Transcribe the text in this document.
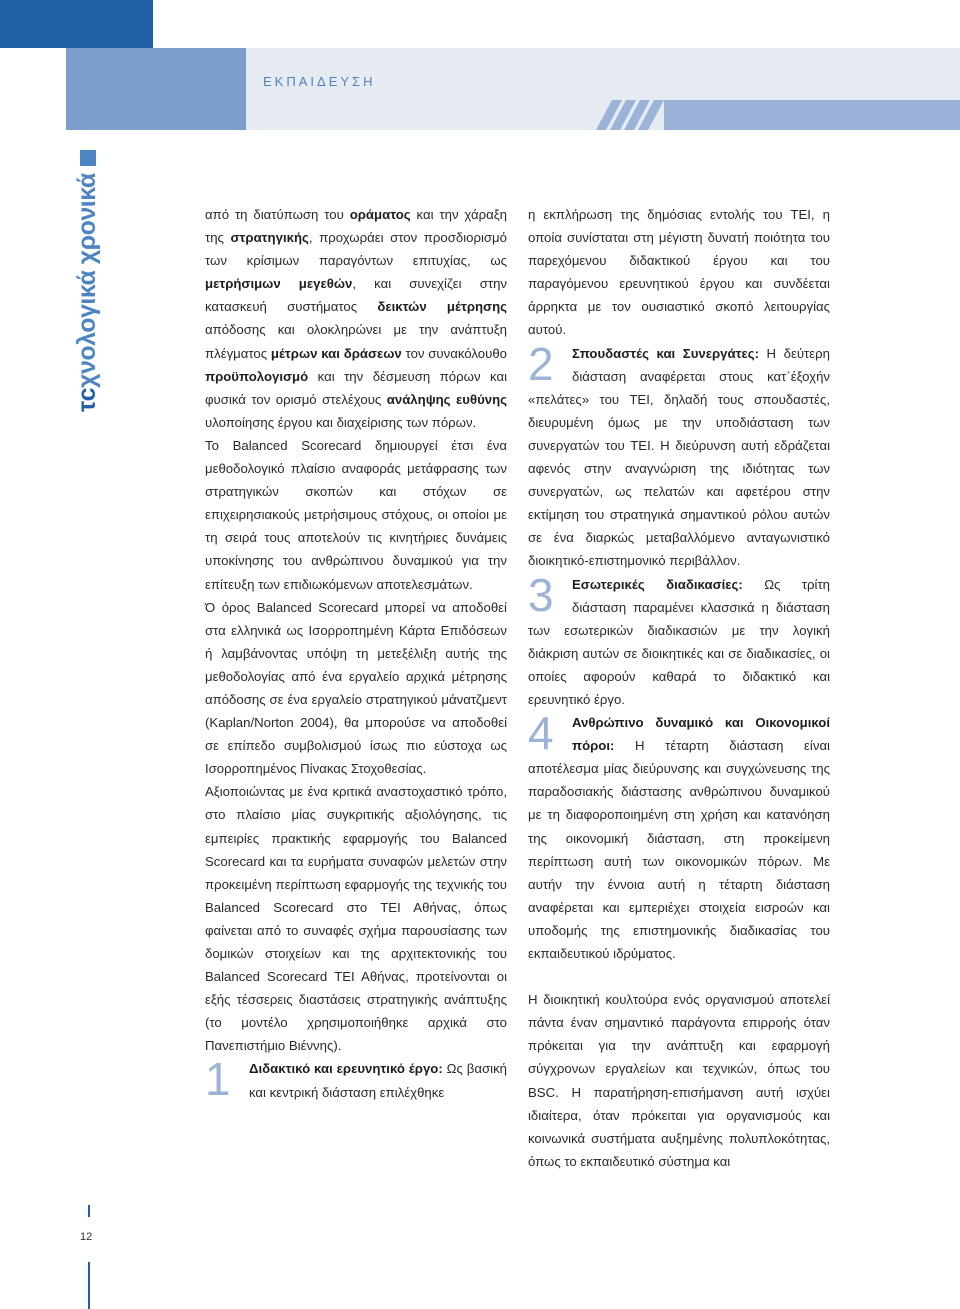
ΕΚΠΑΙΔΕΥΣΗ
τcχνολογικά χρονικά
12

από τη διατύπωση του οράματος και την χάραξη της στρατηγικής, προχωράει στον προσδιορισμό των κρίσιμων παραγόντων επιτυχίας, ως μετρήσιμων μεγεθών, και συνεχίζει στην κατασκευή συστήματος δεικτών μέτρησης απόδοσης και ολοκληρώνει με την ανάπτυξη πλέγματος μέτρων και δράσεων τον συνακόλουθο προϋπολογισμό και την δέσμευση πόρων και φυσικά τον ορισμό στελέχους ανάληψης ευθύνης υλοποίησης έργου και διαχείρισης των πόρων.

Το Balanced Scorecard δημιουργεί έτσι ένα μεθοδολογικό πλαίσιο αναφοράς μετάφρασης των στρατηγικών σκοπών και στόχων σε επιχειρησιακούς μετρήσιμους στόχους, οι οποίοι με τη σειρά τους αποτελούν τις κινητήριες δυνάμεις υποκίνησης του ανθρώπινου δυναμικού για την επίτευξη των επιδιωκόμενων αποτελεσμάτων.

Ό όρος Balanced Scorecard μπορεί να αποδοθεί στα ελληνικά ως Ισορροπημένη Κάρτα Επιδόσεων ή λαμβάνοντας υπόψη τη μετεξέλιξη αυτής της μεθοδολογίας από ένα εργαλείο αρχικά μέτρησης απόδοσης σε ένα εργαλείο στρατηγικού μάνατζμεντ (Kaplan/Norton 2004), θα μπορούσε να αποδοθεί σε επίπεδο συμβολισμού ίσως πιο εύστοχα ως Ισορροπημένος Πίνακας Στοχοθεσίας.

Αξιοποιώντας με ένα κριτικά αναστοχαστικό τρόπο, στο πλαίσιο μίας συγκριτικής αξιολόγησης, τις εμπειρίες πρακτικής εφαρμογής του Balanced Scorecard και τα ευρήματα συναφών μελετών στην προκειμένη περίπτωση εφαρμογής της τεχνικής του Balanced Scorecard στο ΤΕΙ Αθήνας, όπως φαίνεται από το συναφές σχήμα παρουσίασης των δομικών στοιχείων και της αρχιτεκτονικής του Balanced Scorecard ΤΕΙ Αθήνας, προτείνονται οι εξής τέσσερεις διαστάσεις στρατηγικής ανάπτυξης (το μοντέλο χρησιμοποιήθηκε αρχικά στο Πανεπιστήμιο Βιέννης).

1	Διδακτικό και ερευνητικό έργο: Ως βασική και κεντρική διάσταση επιλέχθηκε

η εκπλήρωση της δημόσιας εντολής του ΤΕΙ, η οποία συνίσταται στη μέγιστη δυνατή ποιότητα του παρεχόμενου διδακτικού έργου και του παραγόμενου ερευνητικού έργου και συνδέεται άρρηκτα με τον ουσιαστικό σκοπό λειτουργίας αυτού.

2	Σπουδαστές και Συνεργάτες: Η δεύτερη διάσταση αναφέρεται στους κατ΄έξοχήν «πελάτες» του ΤΕΙ, δηλαδή τους σπουδαστές, διευρυμένη όμως με την υποδιάσταση των συνεργατών του ΤΕΙ. Η διεύρυνση αυτή εδράζεται αφενός στην αναγνώριση της ιδιότητας των συνεργατών, ως πελατών και αφετέρου στην εκτίμηση του στρατηγικά σημαντικού ρόλου αυτών σε ένα διαρκώς μεταβαλλόμενο ανταγωνιστικό διοικητικό-επιστημονικό περιβάλλον.

3	Εσωτερικές διαδικασίες: Ως τρίτη διάσταση παραμένει κλασσικά η διάσταση των εσωτερικών διαδικασιών με την λογική διάκριση αυτών σε διοικητικές και σε διαδικασίες, οι οποίες αφορούν καθαρά το διδακτικό και ερευνητικό έργο.

4	Ανθρώπινο δυναμικό και Οικονομικοί πόροι: Η τέταρτη διάσταση είναι αποτέλεσμα μίας διεύρυνσης και συγχώνευσης της παραδοσιακής διάστασης ανθρώπινου δυναμικού με τη διαφοροποιημένη στη χρήση και κατανόηση της οικονομική διάσταση, στη προκείμενη περίπτωση αυτή των οικονομικών πόρων. Με αυτήν την έννοια αυτή η τέταρτη διάσταση αναφέρεται και εμπεριέχει στοιχεία εισροών και υποδομής της επιστημονικής διαδικασίας του εκπαιδευτικού ιδρύματος.

Η διοικητική κουλτούρα ενός οργανισμού αποτελεί πάντα έναν σημαντικό παράγοντα επιρροής όταν πρόκειται για την ανάπτυξη και εφαρμογή σύγχρονων εργαλείων και τεχνικών, όπως του BSC. Η παρατήρηση-επισήμανση αυτή ισχύει ιδιαίτερα, όταν πρόκειται για οργανισμούς και κοινωνικά συστήματα αυξημένης πολυπλοκότητας, όπως το εκπαιδευτικό σύστημα και
